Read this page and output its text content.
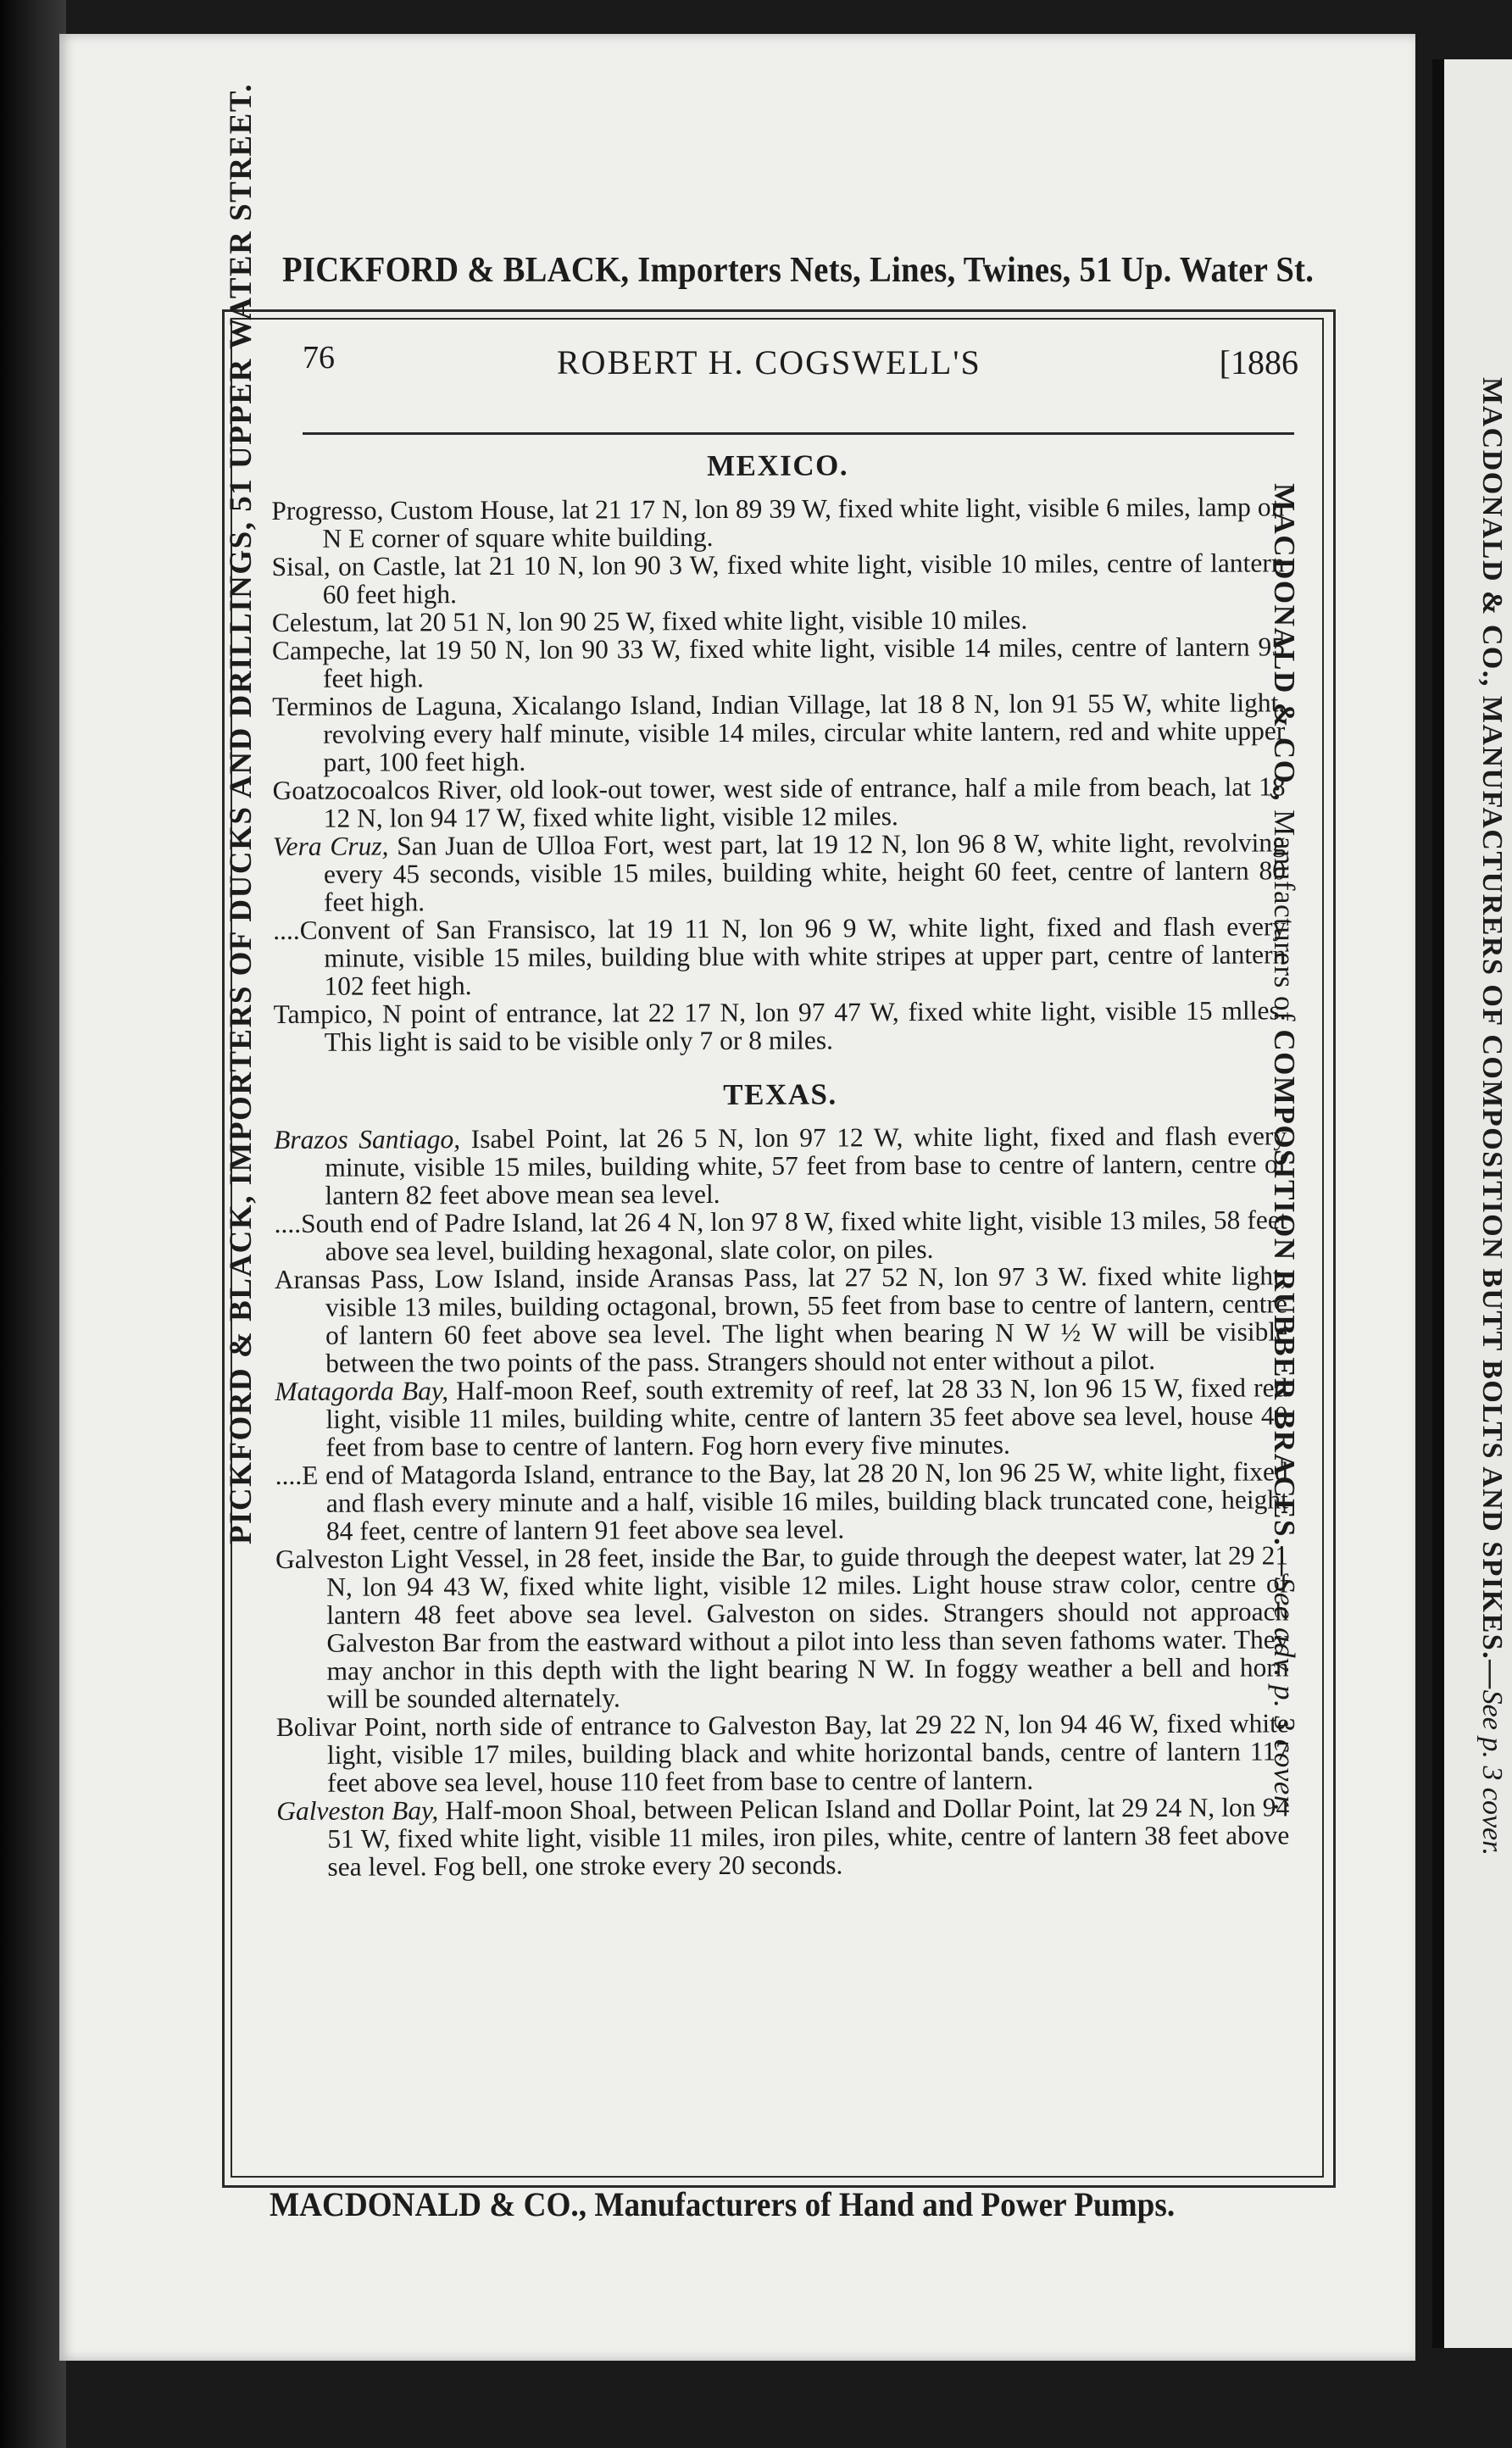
MACDONALD & CO., MANUFACTURERS OF COMPOSITION BUTT BOLTS AND SPIKES.—See p. 3 cover.
PICKFORD & BLACK, Importers Nets, Lines, Twines, 51 Up. Water St.
PICKFORD & BLACK, IMPORTERS OF DUCKS AND DRILLINGS, 51 UPPER WATER STREET.	MACDONALD & CO., Manufacturers of COMPOSITION RUBBER BRACES.—See adv. p. 3 cover.
76	ROBERT H. COGSWELL'S	[1886
MEXICO.

Progresso, Custom House, lat 21 17 N, lon 89 39 W, fixed white light, visible 6 miles, lamp on N E corner of square white building.

Sisal, on Castle, lat 21 10 N, lon 90 3 W, fixed white light, visible 10 miles, centre of lantern 60 feet high.

Celestum, lat 20 51 N, lon 90 25 W, fixed white light, visible 10 miles.

Campeche, lat 19 50 N, lon 90 33 W, fixed white light, visible 14 miles, centre of lantern 95 feet high.

Terminos de Laguna, Xicalango Island, Indian Village, lat 18 8 N, lon 91 55 W, white light, revolving every half minute, visible 14 miles, circular white lantern, red and white upper part, 100 feet high.

Goatzocoalcos River, old look-out tower, west side of entrance, half a mile from beach, lat 18 12 N, lon 94 17 W, fixed white light, visible 12 miles.

Vera Cruz, San Juan de Ulloa Fort, west part, lat 19 12 N, lon 96 8 W, white light, revolving every 45 seconds, visible 15 miles, building white, height 60 feet, centre of lantern 80 feet high.

....Convent of San Fransisco, lat 19 11 N, lon 96 9 W, white light, fixed and flash every minute, visible 15 miles, building blue with white stripes at upper part, centre of lantern 102 feet high.

Tampico, N point of entrance, lat 22 17 N, lon 97 47 W, fixed white light, visible 15 mlles. This light is said to be visible only 7 or 8 miles.

TEXAS.

Brazos Santiago, Isabel Point, lat 26 5 N, lon 97 12 W, white light, fixed and flash every minute, visible 15 miles, building white, 57 feet from base to centre of lantern, centre of lantern 82 feet above mean sea level.

....South end of Padre Island, lat 26 4 N, lon 97 8 W, fixed white light, visible 13 miles, 58 feet above sea level, building hexagonal, slate color, on piles.

Aransas Pass, Low Island, inside Aransas Pass, lat 27 52 N, lon 97 3 W. fixed white light, visible 13 miles, building octagonal, brown, 55 feet from base to centre of lantern, centre of lantern 60 feet above sea level. The light when bearing N W ½ W will be visible between the two points of the pass. Strangers should not enter without a pilot.

Matagorda Bay, Half-moon Reef, south extremity of reef, lat 28 33 N, lon 96 15 W, fixed red light, visible 11 miles, building white, centre of lantern 35 feet above sea level, house 40 feet from base to centre of lantern. Fog horn every five minutes.

....E end of Matagorda Island, entrance to the Bay, lat 28 20 N, lon 96 25 W, white light, fixed and flash every minute and a half, visible 16 miles, building black truncated cone, height 84 feet, centre of lantern 91 feet above sea level.

Galveston Light Vessel, in 28 feet, inside the Bar, to guide through the deepest water, lat 29 21 N, lon 94 43 W, fixed white light, visible 12 miles. Light house straw color, centre of lantern 48 feet above sea level. Galveston on sides. Strangers should not approach Galveston Bar from the eastward without a pilot into less than seven fathoms water. They may anchor in this depth with the light bearing N W. In foggy weather a bell and horn will be sounded alternately.

Bolivar Point, north side of entrance to Galveston Bay, lat 29 22 N, lon 94 46 W, fixed white light, visible 17 miles, building black and white horizontal bands, centre of lantern 117 feet above sea level, house 110 feet from base to centre of lantern.

Galveston Bay, Half-moon Shoal, between Pelican Island and Dollar Point, lat 29 24 N, lon 94 51 W, fixed white light, visible 11 miles, iron piles, white, centre of lantern 38 feet above sea level. Fog bell, one stroke every 20 seconds.

MACDONALD & CO., Manufacturers of Hand and Power Pumps.
